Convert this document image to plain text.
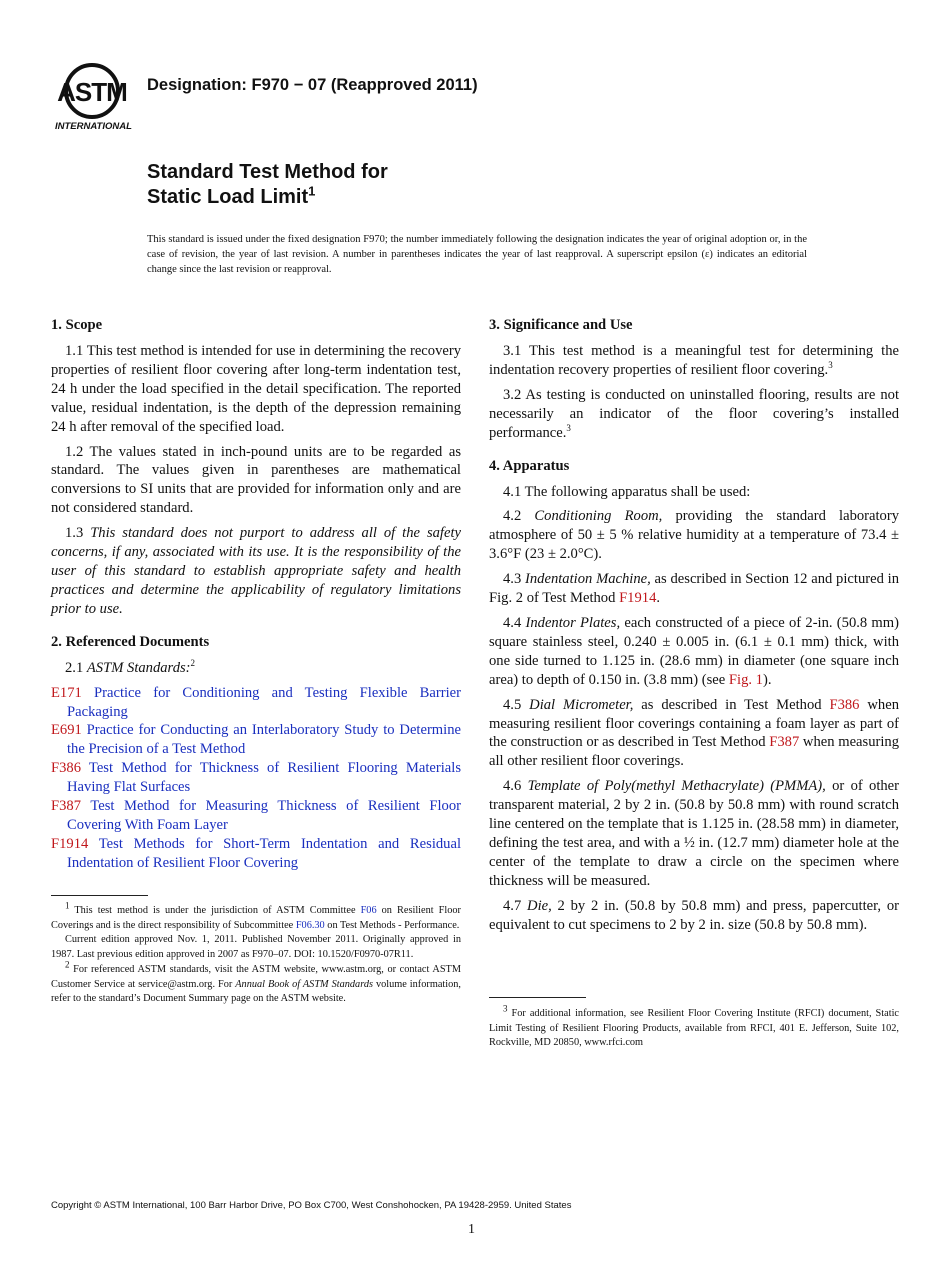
ASTM
INTERNATIONAL
Designation: F970 − 07 (Reapproved 2011)
Standard Test Method for
Static Load Limit$^1$
This standard is issued under the fixed designation F970; the number immediately following the designation indicates the year of original adoption or, in the case of revision, the year of last revision. A number in parentheses indicates the year of last reapproval. A superscript epsilon (ε) indicates an editorial change since the last revision or reapproval.
1. Scope

1.1 This test method is intended for use in determining the recovery properties of resilient floor covering after long-term indentation test, 24 h under the load specified in the detail specification. The reported value, residual indentation, is the depth of the depression remaining 24 h after removal of the specified load.

1.2 The values stated in inch-pound units are to be regarded as standard. The values given in parentheses are mathematical conversions to SI units that are provided for information only and are not considered standard.

1.3 This standard does not purport to address all of the safety concerns, if any, associated with its use. It is the responsibility of the user of this standard to establish appropriate safety and health practices and determine the applicability of regulatory limitations prior to use.

2. Referenced Documents

2.1 ASTM Standards:$^2$

E171 Practice for Conditioning and Testing Flexible Barrier Packaging

E691 Practice for Conducting an Interlaboratory Study to Determine the Precision of a Test Method

F386 Test Method for Thickness of Resilient Flooring Materials Having Flat Surfaces

F387 Test Method for Measuring Thickness of Resilient Floor Covering With Foam Layer

F1914 Test Methods for Short-Term Indentation and Residual Indentation of Resilient Floor Covering

$^1$ This test method is under the jurisdiction of ASTM Committee F06 on Resilient Floor Coverings and is the direct responsibility of Subcommittee F06.30 on Test Methods - Performance.

Current edition approved Nov. 1, 2011. Published November 2011. Originally approved in 1987. Last previous edition approved in 2007 as F970–07. DOI: 10.1520/F0970-07R11.

$^2$ For referenced ASTM standards, visit the ASTM website, www.astm.org, or contact ASTM Customer Service at service@astm.org. For Annual Book of ASTM Standards volume information, refer to the standard’s Document Summary page on the ASTM website.

3. Significance and Use

3.1 This test method is a meaningful test for determining the indentation recovery properties of resilient floor covering.$^3$

3.2 As testing is conducted on uninstalled flooring, results are not necessarily an indicator of the floor covering’s installed performance.$^3$

4. Apparatus

4.1 The following apparatus shall be used:

4.2 Conditioning Room, providing the standard laboratory atmosphere of 50 ± 5 % relative humidity at a temperature of 73.4 ± 3.6°F (23 ± 2.0°C).

4.3 Indentation Machine, as described in Section 12 and pictured in Fig. 2 of Test Method F1914.

4.4 Indentor Plates, each constructed of a piece of 2-in. (50.8 mm) square stainless steel, 0.240 ± 0.005 in. (6.1 ± 0.1 mm) thick, with one side turned to 1.125 in. (28.6 mm) in diameter (one square inch area) to depth of 0.150 in. (3.8 mm) (see Fig. 1).

4.5 Dial Micrometer, as described in Test Method F386 when measuring resilient floor coverings containing a foam layer as part of the construction or as described in Test Method F387 when measuring all other resilient floor coverings.

4.6 Template of Poly(methyl Methacrylate) (PMMA), or of other transparent material, 2 by 2 in. (50.8 by 50.8 mm) with round scratch line centered on the template that is 1.125 in. (28.58 mm) in diameter, defining the test area, and with a ½ in. (12.7 mm) diameter hole at the center of the template to draw a circle on the specimen where thickness will be measured.

4.7 Die, 2 by 2 in. (50.8 by 50.8 mm) and press, papercutter, or equivalent to cut specimens to 2 by 2 in. size (50.8 by 50.8 mm).

$^3$ For additional information, see Resilient Floor Covering Institute (RFCI) document, Static Limit Testing of Resilient Flooring Products, available from RFCI, 401 E. Jefferson, Suite 102, Rockville, MD 20850, www.rfci.com

Copyright © ASTM International, 100 Barr Harbor Drive, PO Box C700, West Conshohocken, PA 19428-2959. United States
1
